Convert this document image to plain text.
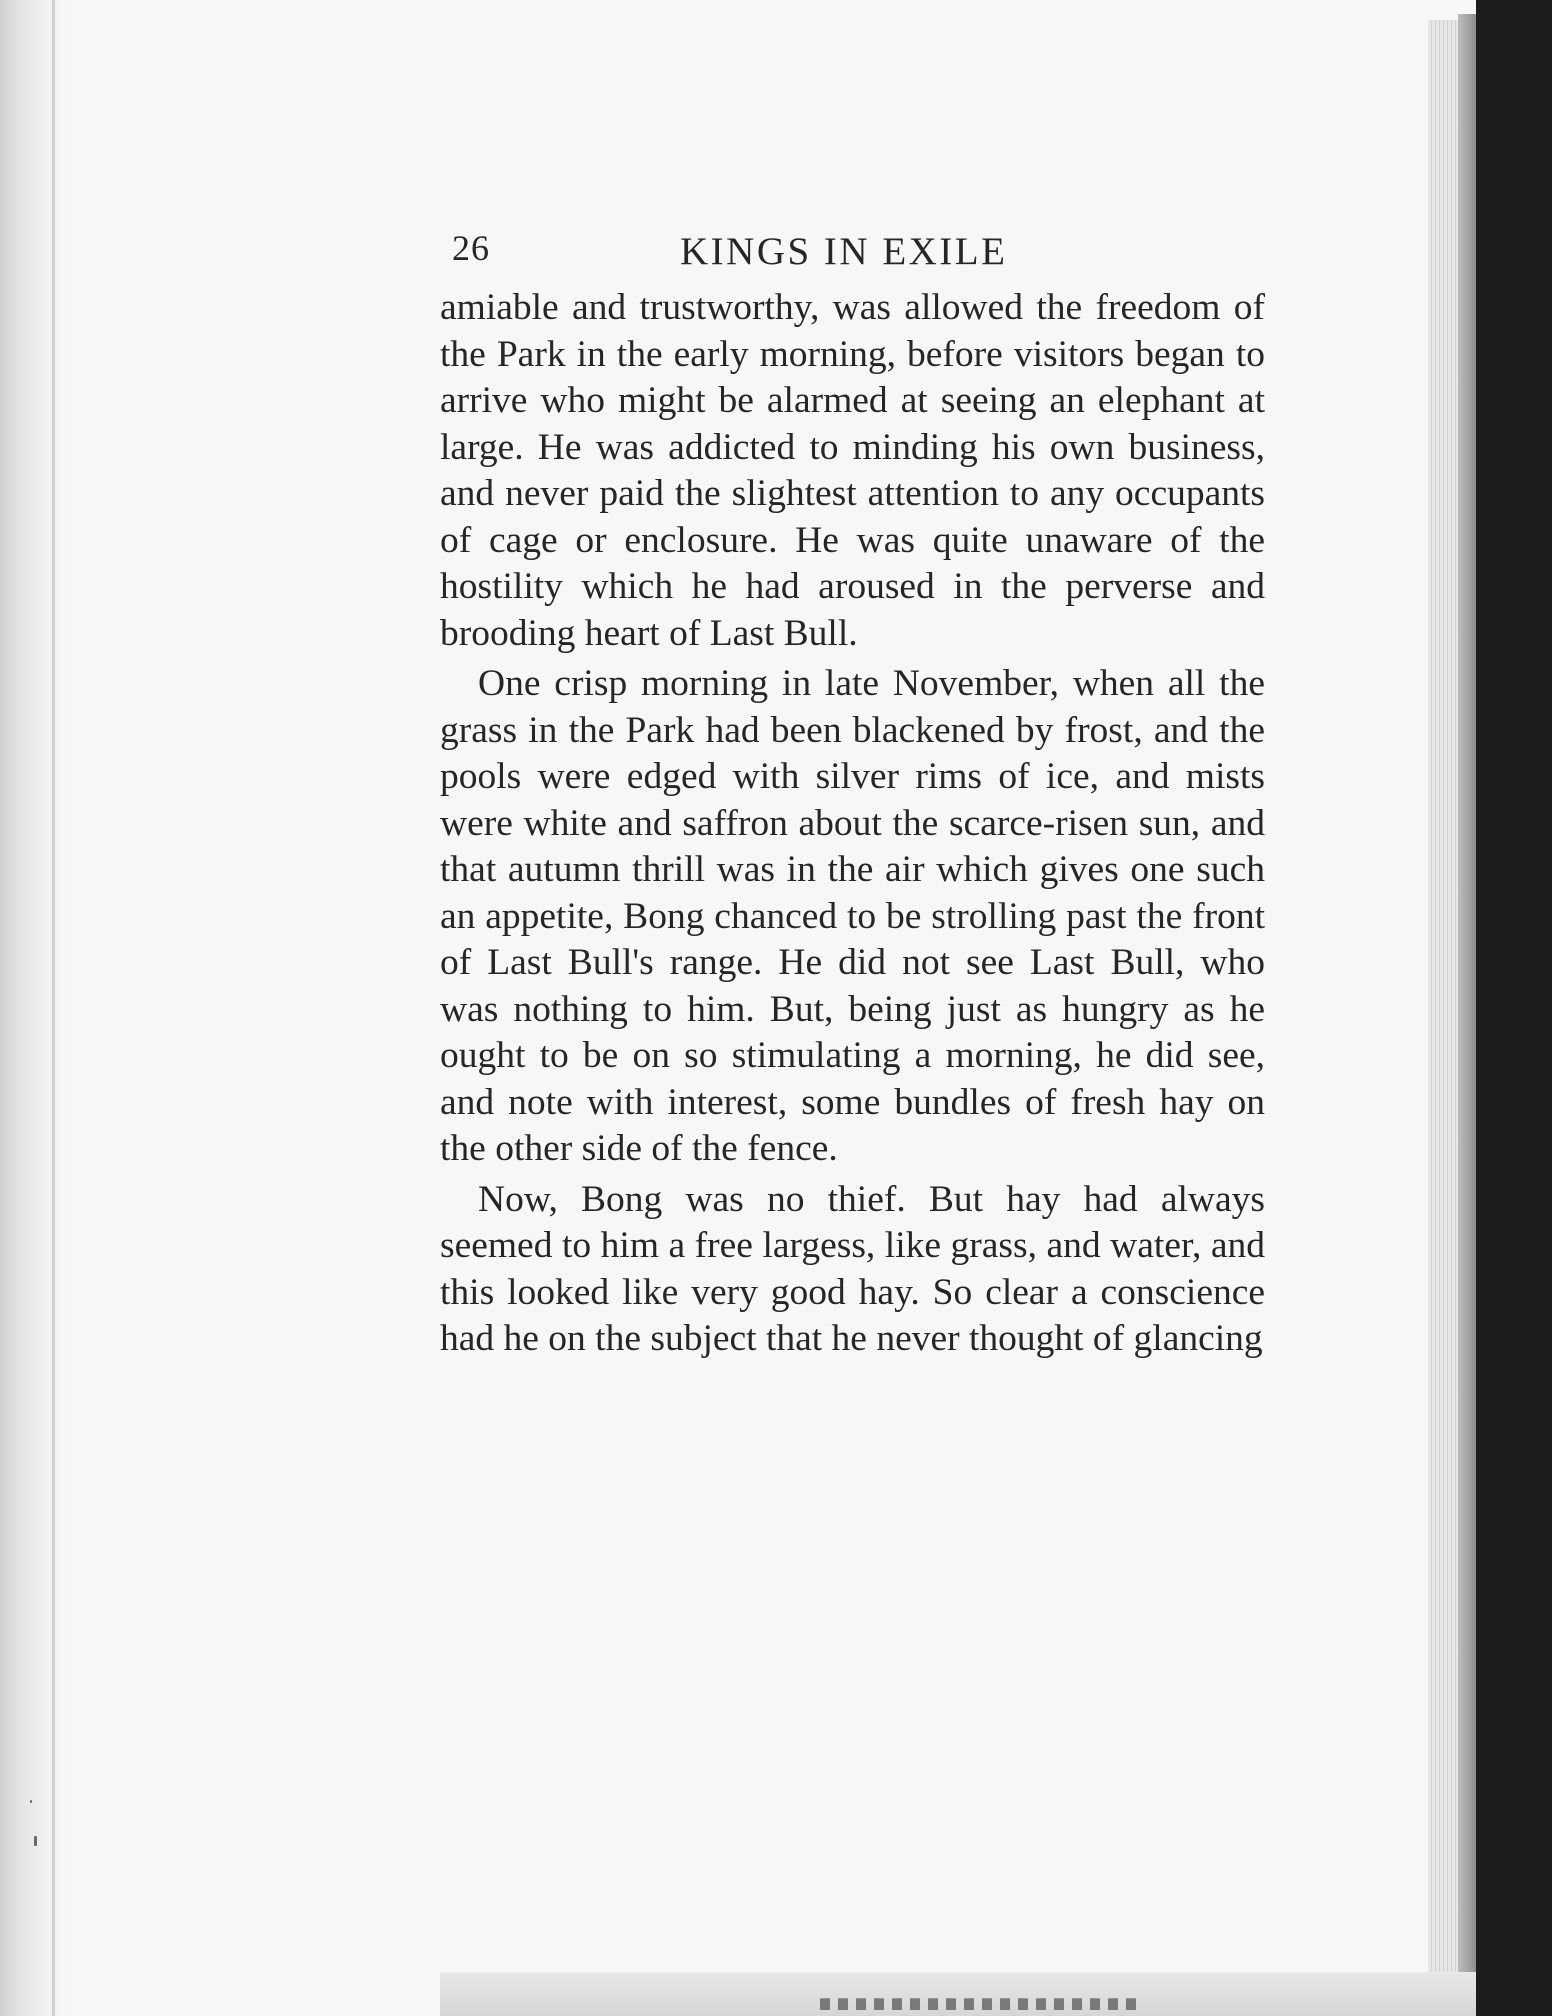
26	KINGS IN EXILE

amiable and trustworthy, was allowed the freedom of the Park in the early morning, before visitors began to arrive who might be alarmed at seeing an elephant at large. He was addicted to minding his own business, and never paid the slightest attention to any occupants of cage or enclosure. He was quite unaware of the hostility which he had aroused in the perverse and brooding heart of Last Bull.

One crisp morning in late November, when all the grass in the Park had been blackened by frost, and the pools were edged with silver rims of ice, and mists were white and saffron about the scarce-risen sun, and that autumn thrill was in the air which gives one such an appetite, Bong chanced to be strolling past the front of Last Bull's range. He did not see Last Bull, who was nothing to him. But, being just as hungry as he ought to be on so stimulating a morning, he did see, and note with interest, some bundles of fresh hay on the other side of the fence.

Now, Bong was no thief. But hay had always seemed to him a free largess, like grass, and water, and this looked like very good hay. So clear a conscience had he on the subject that he never thought of glancing
